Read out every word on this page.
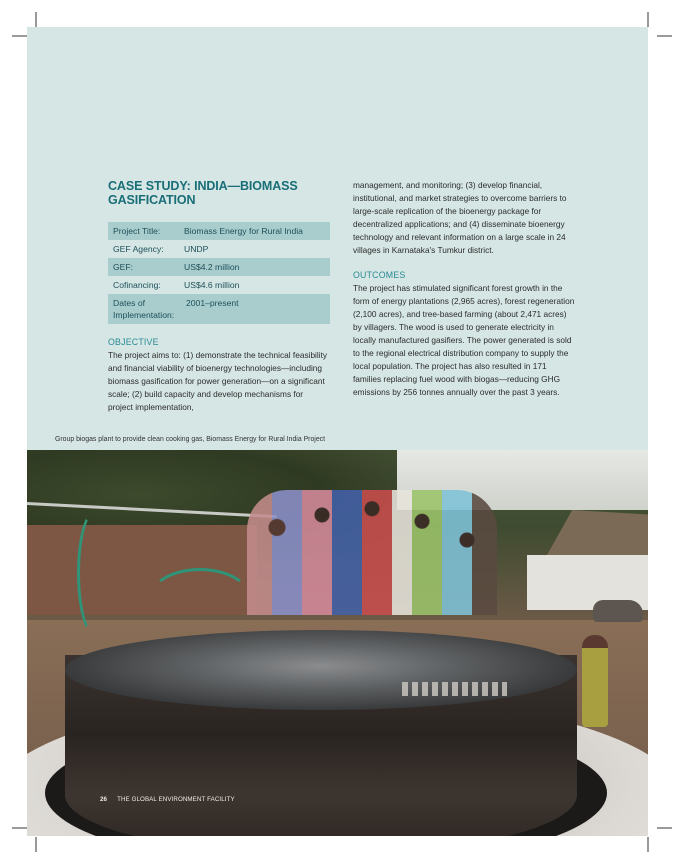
CASE STUDY: INDIA—BIOMASS GASIFICATION
Project Title:	Biomass Energy for Rural India
GEF Agency:	UNDP
GEF:	US$4.2 million
Cofinancing:	US$4.6 million
Dates of Implementation:	2001–present
OBJECTIVE

The project aims to: (1) demonstrate the technical feasibility and financial viability of bioenergy technologies—including biomass gasification for power generation—on a significant scale; (2) build capacity and develop mechanisms for project implementation,

management, and monitoring; (3) develop financial, institutional, and market strategies to overcome barriers to large-scale replication of the bioenergy package for decentralized applications; and (4) disseminate bioenergy technology and relevant information on a large scale in 24 villages in Karnataka's Tumkur district.

OUTCOMES

The project has stimulated significant forest growth in the form of energy plantations (2,965 acres), forest regeneration (2,100 acres), and tree-based farming (about 2,471 acres) by villagers. The wood is used to generate electricity in locally manufactured gasifiers. The power generated is sold to the regional electrical distribution company to supply the local population. The project has also resulted in 171 families replacing fuel wood with biogas—reducing GHG emissions by 256 tonnes annually over the past 3 years.

Group biogas plant to provide clean cooking gas, Biomass Energy for Rural India Project

26 THE GLOBAL ENVIRONMENT FACILITY
